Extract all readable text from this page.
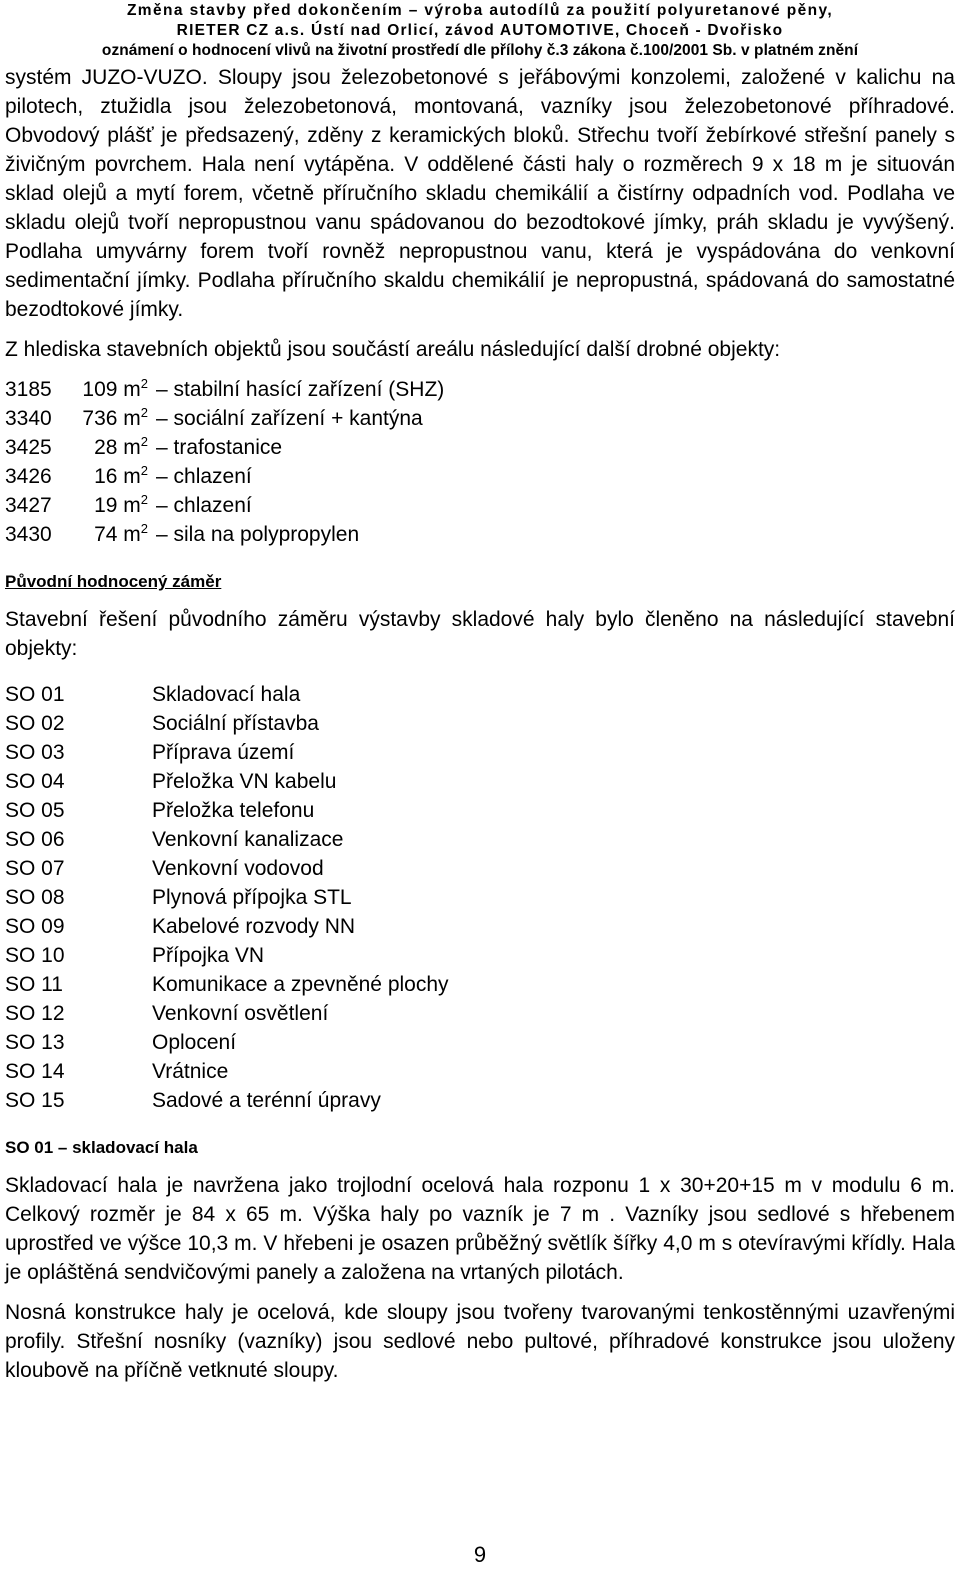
Změna stavby před dokončením – výroba autodílů za použití polyuretanové pěny,
RIETER CZ a.s. Ústí nad Orlicí, závod AUTOMOTIVE, Choceň - Dvořisko
oznámení o hodnocení vlivů na životní prostředí dle přílohy č.3 zákona č.100/2001 Sb. v platném znění

systém JUZO-VUZO. Sloupy jsou železobetonové s jeřábovými konzolemi, založené v kalichu na pilotech, ztužidla jsou železobetonová, montovaná, vazníky jsou železobetonové příhradové. Obvodový plášť je předsazený, zděny z keramických bloků. Střechu tvoří žebírkové střešní panely s živičným povrchem. Hala není vytápěna. V oddělené části haly o rozměrech 9 x 18 m je situován sklad olejů a mytí forem, včetně příručního skladu chemikálií a čistírny odpadních vod. Podlaha ve skladu olejů tvoří nepropustnou vanu spádovanou do bezodtokové jímky, práh skladu je vyvýšený. Podlaha umyvárny forem tvoří rovněž nepropustnou vanu, která je vyspádována do venkovní sedimentační jímky. Podlaha příručního skaldu chemikálií je nepropustná, spádovaná do samostatné bezodtokové jímky.

Z hlediska stavebních objektů jsou součástí areálu následující další drobné objekty:

3185	109 $m^2$ – stabilní hasící zařízení (SHZ)
3340	736 $m^2$ – sociální zařízení + kantýna
3425	28 $m^2$ – trafostanice
3426	16 $m^2$ – chlazení
3427	19 $m^2$ – chlazení
3430	74 $m^2$ – sila na polypropylen
Původní hodnocený záměr

Stavební řešení původního záměru výstavby skladové haly bylo členěno na následující stavební objekty:

SO 01	Skladovací hala
SO 02	Sociální přístavba
SO 03	Příprava území
SO 04	Přeložka VN kabelu
SO 05	Přeložka telefonu
SO 06	Venkovní kanalizace
SO 07	Venkovní vodovod
SO 08	Plynová přípojka STL
SO 09	Kabelové rozvody NN
SO 10	Přípojka VN
SO 11	Komunikace a zpevněné plochy
SO 12	Venkovní osvětlení
SO 13	Oplocení
SO 14	Vrátnice
SO 15	Sadové a terénní úpravy
SO 01 – skladovací hala

Skladovací hala je navržena jako trojlodní ocelová hala rozponu 1 x 30+20+15 m v modulu 6 m. Celkový rozměr je 84 x 65 m. Výška haly po vazník je 7 m . Vazníky jsou sedlové s hřebenem uprostřed ve výšce 10,3 m. V hřebeni je osazen průběžný světlík šířky 4,0 m s otevíravými křídly. Hala je opláštěná sendvičovými panely a založena na vrtaných pilotách.

Nosná konstrukce haly je ocelová, kde sloupy jsou tvořeny tvarovanými tenkostěnnými uzavřenými profily. Střešní nosníky (vazníky) jsou sedlové nebo pultové, příhradové konstrukce jsou uloženy kloubově na příčně vetknuté sloupy.

9
